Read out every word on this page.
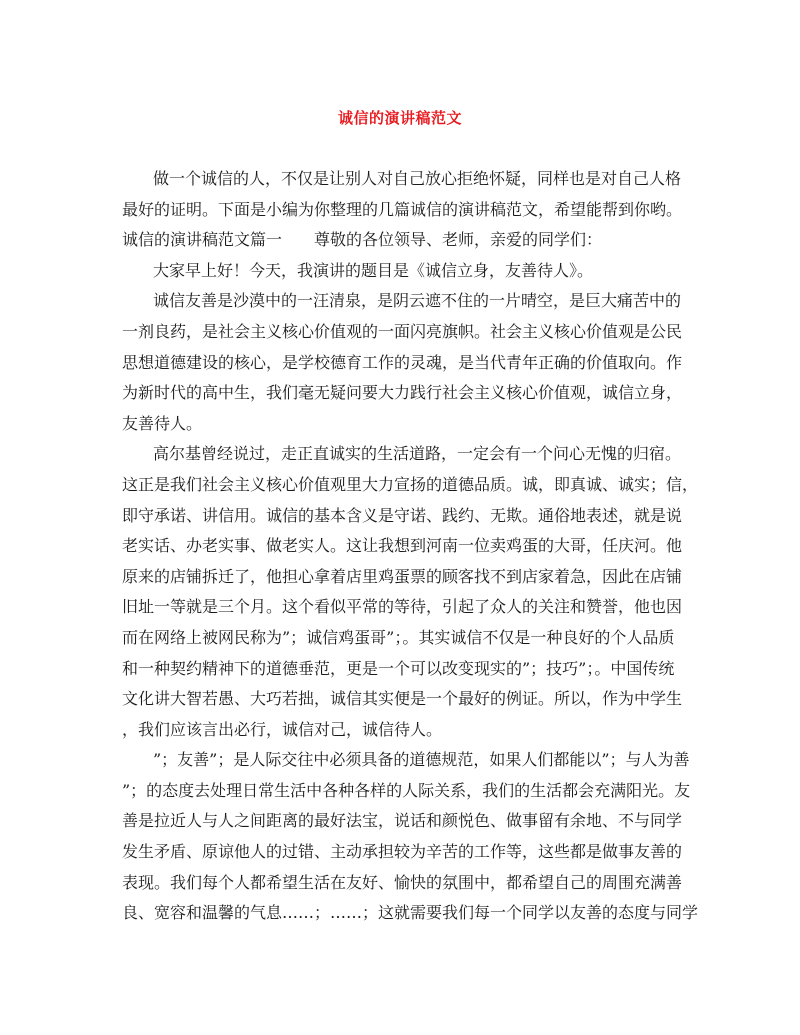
诚信的演讲稿范文
做一个诚信的人，不仅是让别人对自己放心拒绝怀疑，同样也是对自己人格
最好的证明。下面是小编为你整理的几篇诚信的演讲稿范文，希望能帮到你哟。
诚信的演讲稿范文篇一　　尊敬的各位领导、老师，亲爱的同学们：
大家早上好！今天，我演讲的题目是《诚信立身，友善待人》。
诚信友善是沙漠中的一汪清泉，是阴云遮不住的一片晴空，是巨大痛苦中的
一剂良药，是社会主义核心价值观的一面闪亮旗帜。社会主义核心价值观是公民
思想道德建设的核心，是学校德育工作的灵魂，是当代青年正确的价值取向。作
为新时代的高中生，我们毫无疑问要大力践行社会主义核心价值观，诚信立身，
友善待人。
高尔基曾经说过，走正直诚实的生活道路，一定会有一个问心无愧的归宿。
这正是我们社会主义核心价值观里大力宣扬的道德品质。诚，即真诚、诚实；信，
即守承诺、讲信用。诚信的基本含义是守诺、践约、无欺。通俗地表述，就是说
老实话、办老实事、做老实人。这让我想到河南一位卖鸡蛋的大哥，任庆河。他
原来的店铺拆迁了，他担心拿着店里鸡蛋票的顾客找不到店家着急，因此在店铺
旧址一等就是三个月。这个看似平常的等待，引起了众人的关注和赞誉，他也因
而在网络上被网民称为”；诚信鸡蛋哥”；。其实诚信不仅是一种良好的个人品质
和一种契约精神下的道德垂范，更是一个可以改变现实的”；技巧”；。中国传统
文化讲大智若愚、大巧若拙，诚信其实便是一个最好的例证。所以，作为中学生
，我们应该言出必行，诚信对己，诚信待人。
”；友善”；是人际交往中必须具备的道德规范，如果人们都能以”；与人为善
”；的态度去处理日常生活中各种各样的人际关系，我们的生活都会充满阳光。友
善是拉近人与人之间距离的最好法宝，说话和颜悦色、做事留有余地、不与同学
发生矛盾、原谅他人的过错、主动承担较为辛苦的工作等，这些都是做事友善的
表现。我们每个人都希望生活在友好、愉快的氛围中，都希望自己的周围充满善
良、宽容和温馨的气息……；……；这就需要我们每一个同学以友善的态度与同学
